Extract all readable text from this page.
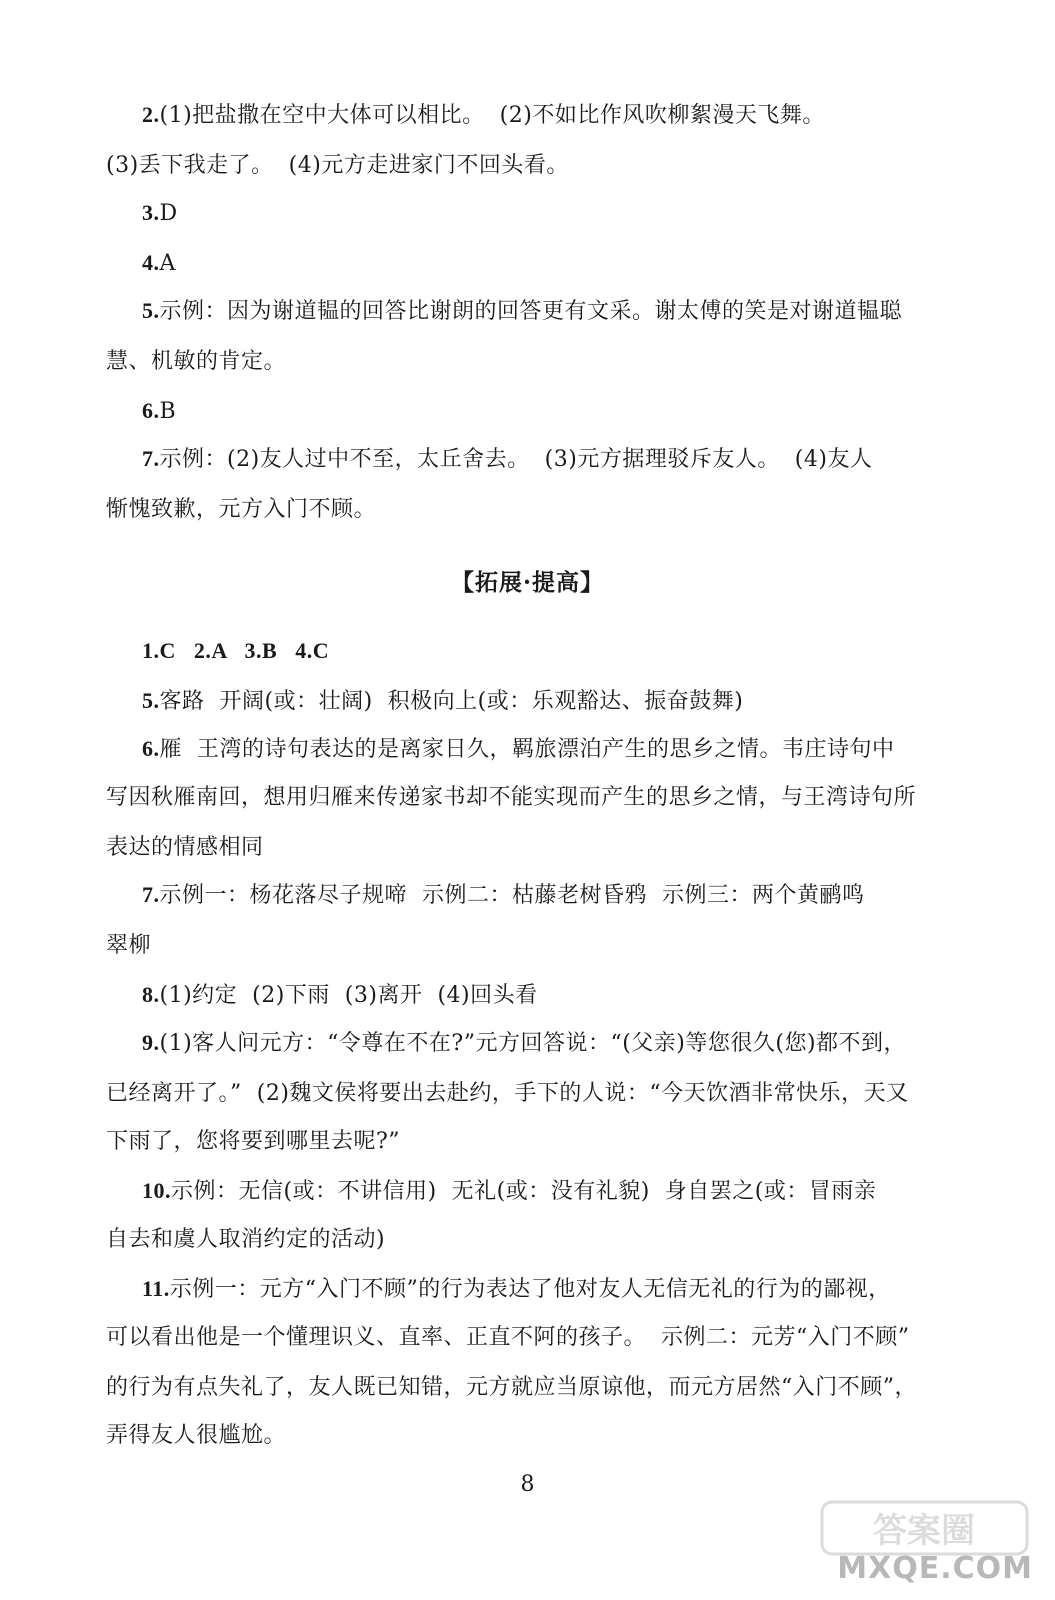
2.(1)把盐撒在空中大体可以相比。  (2)不如比作风吹柳絮漫天飞舞。
(3)丢下我走了。  (4)元方走进家门不回头看。
3.D
4.A
5.示例：因为谢道韫的回答比谢朗的回答更有文采。谢太傅的笑是对谢道韫聪
慧、机敏的肯定。
6.B
7.示例：(2)友人过中不至，太丘舍去。  (3)元方据理驳斥友人。  (4)友人
惭愧致歉，元方入门不顾。
【拓展·提高】
1.C   2.A   3.B   4.C
5.客路  开阔(或：壮阔)  积极向上(或：乐观豁达、振奋鼓舞)
6.雁  王湾的诗句表达的是离家日久，羁旅漂泊产生的思乡之情。韦庄诗句中
写因秋雁南回，想用归雁来传递家书却不能实现而产生的思乡之情，与王湾诗句所
表达的情感相同
7.示例一：杨花落尽子规啼  示例二：枯藤老树昏鸦  示例三：两个黄鹂鸣
翠柳
8.(1)约定  (2)下雨  (3)离开  (4)回头看
9.(1)客人问元方：“令尊在不在?”元方回答说：“(父亲)等您很久(您)都不到，
已经离开了。”  (2)魏文侯将要出去赴约，手下的人说：“今天饮酒非常快乐，天又
下雨了，您将要到哪里去呢?”
10.示例：无信(或：不讲信用)  无礼(或：没有礼貌)  身自罢之(或：冒雨亲
自去和虞人取消约定的活动)
11.示例一：元方“入门不顾”的行为表达了他对友人无信无礼的行为的鄙视，
可以看出他是一个懂理识义、直率、正直不阿的孩子。  示例二：元芳“入门不顾”
的行为有点失礼了，友人既已知错，元方就应当原谅他，而元方居然“入门不顾”，
弄得友人很尴尬。
8
答案圈
MXQE.COM
